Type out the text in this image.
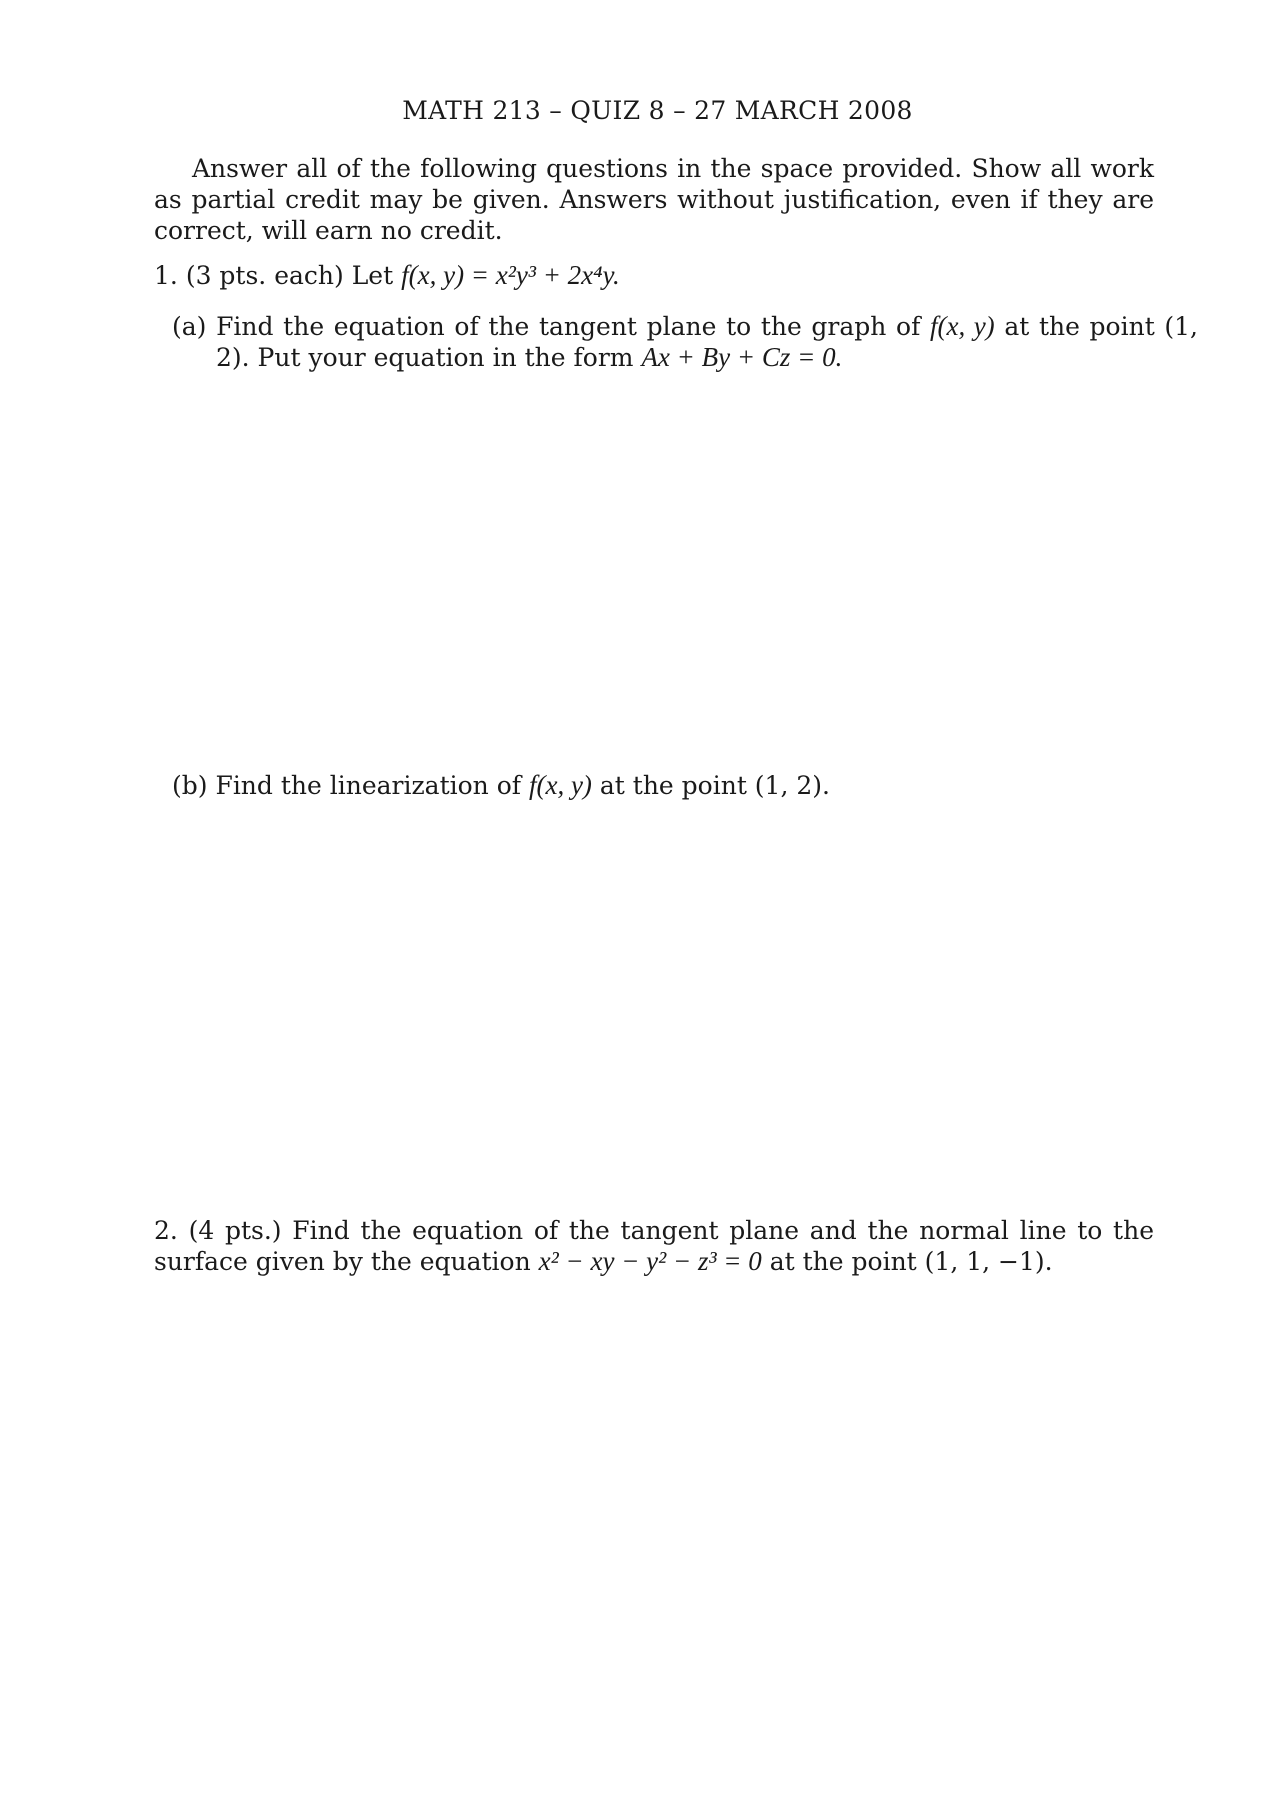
MATH 213 – QUIZ 8 – 27 MARCH 2008
Answer all of the following questions in the space provided. Show all work as partial credit may be given. Answers without justification, even if they are correct, will earn no credit.
1. (3 pts. each) Let f(x, y) = x²y³ + 2x⁴y.
(a) Find the equation of the tangent plane to the graph of f(x, y) at the point (1, 2). Put your equation in the form Ax + By + Cz = 0.
(b) Find the linearization of f(x, y) at the point (1, 2).
2. (4 pts.) Find the equation of the tangent plane and the normal line to the surface given by the equation x² − xy − y² − z³ = 0 at the point (1, 1, −1).
